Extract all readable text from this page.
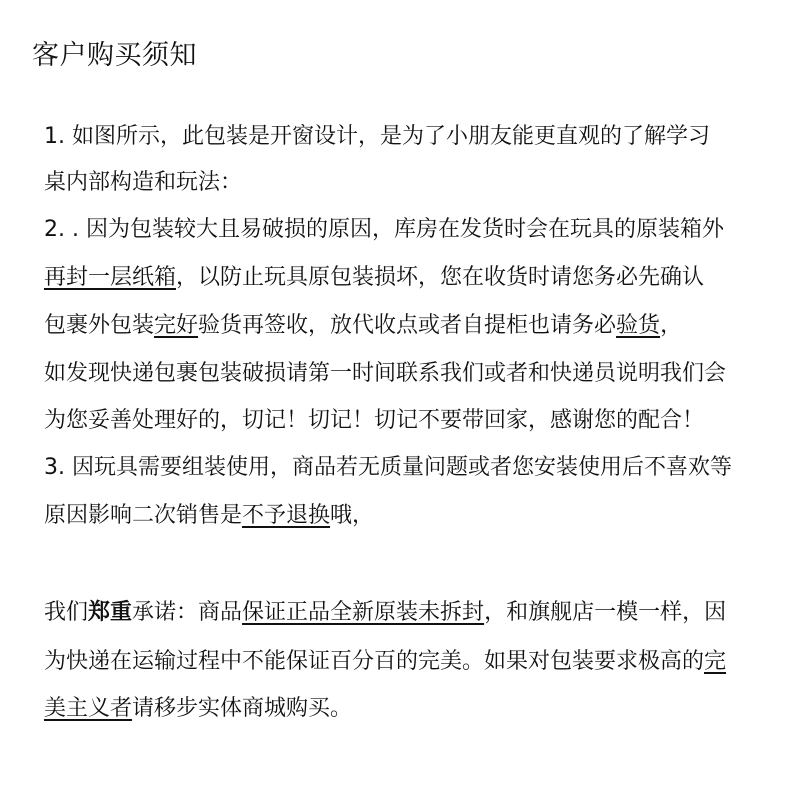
客户购买须知
1. 如图所示，此包装是开窗设计，是为了小朋友能更直观的了解学习
桌内部构造和玩法：
2. . 因为包装较大且易破损的原因，库房在发货时会在玩具的原装箱外
再封一层纸箱，以防止玩具原包装损坏，您在收货时请您务必先确认
包裹外包装完好验货再签收，放代收点或者自提柜也请务必验货，
如发现快递包裹包装破损请第一时间联系我们或者和快递员说明我们会
为您妥善处理好的，切记！切记！切记不要带回家，感谢您的配合！
3. 因玩具需要组装使用，商品若无质量问题或者您安装使用后不喜欢等
原因影响二次销售是不予退换哦，
我们郑重承诺：商品保证正品全新原装未拆封，和旗舰店一模一样，因
为快递在运输过程中不能保证百分百的完美。如果对包装要求极高的完
美主义者请移步实体商城购买。
